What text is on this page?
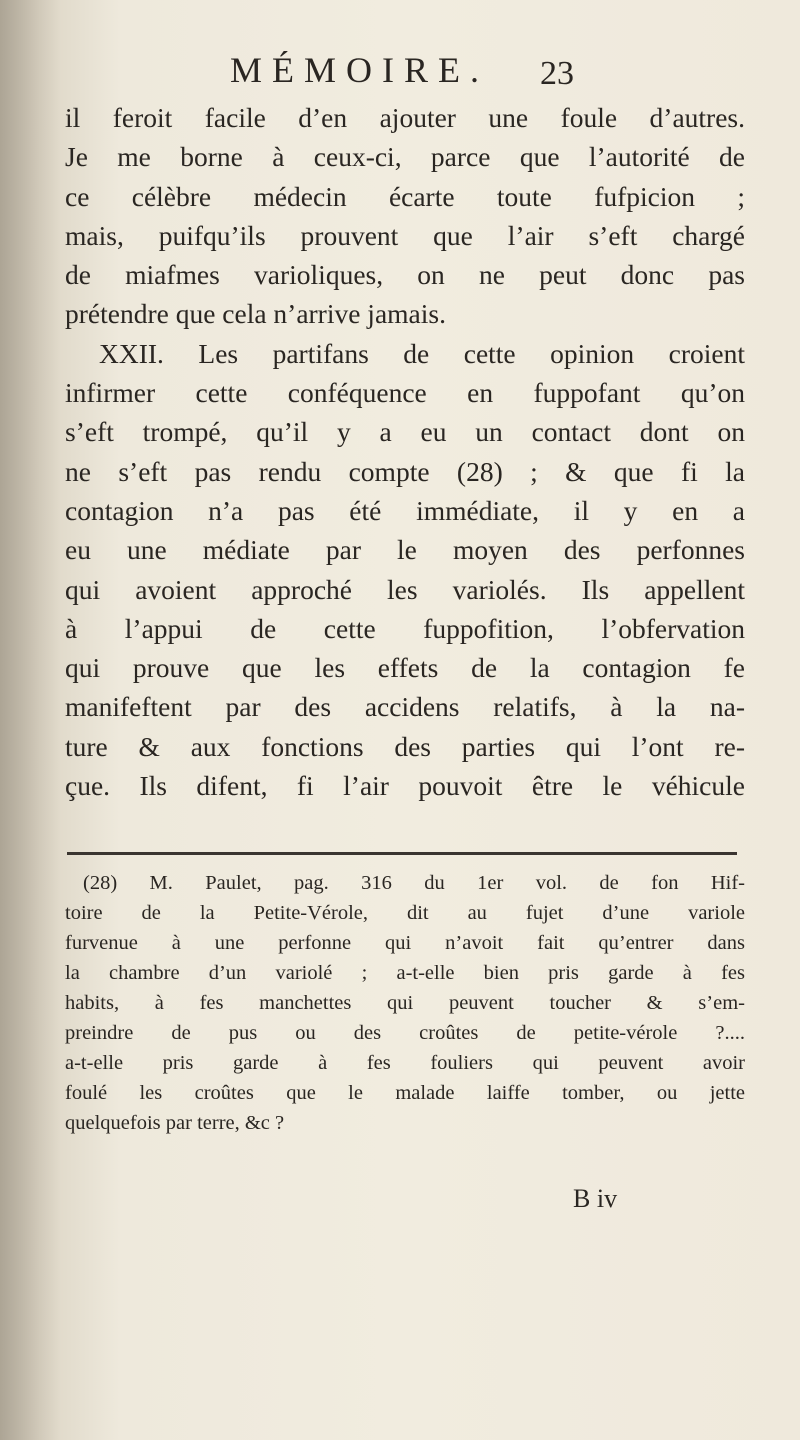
MÉMOIRE. 23
il feroit facile d’en ajouter une foule d’autres.
Je me borne à ceux-ci, parce que l’autorité de
ce célèbre médecin écarte toute fufpicion ;
mais, puifqu’ils prouvent que l’air s’eft chargé
de miafmes varioliques, on ne peut donc pas
prétendre que cela n’arrive jamais.
XXII. Les partifans de cette opinion croient
infirmer cette conféquence en fuppofant qu’on
s’eft trompé, qu’il y a eu un contact dont on
ne s’eft pas rendu compte (28) ; & que fi la
contagion n’a pas été immédiate, il y en a
eu une médiate par le moyen des perfonnes
qui avoient approché les variolés. Ils appellent
à l’appui de cette fuppofition, l’obfervation
qui prouve que les effets de la contagion fe
manifeftent par des accidens relatifs, à la na-
ture & aux fonctions des parties qui l’ont re-
çue. Ils difent, fi l’air pouvoit être le véhicule
(28) M. Paulet, pag. 316 du 1er vol. de fon Hif-
toire de la Petite-Vérole, dit au fujet d’une variole
furvenue à une perfonne qui n’avoit fait qu’entrer dans
la chambre d’un variolé ; a-t-elle bien pris garde à fes
habits, à fes manchettes qui peuvent toucher & s’em-
preindre de pus ou des croûtes de petite-vérole ?....
a-t-elle pris garde à fes fouliers qui peuvent avoir
foulé les croûtes que le malade laiffe tomber, ou jette
quelquefois par terre, &c ?
B iv
